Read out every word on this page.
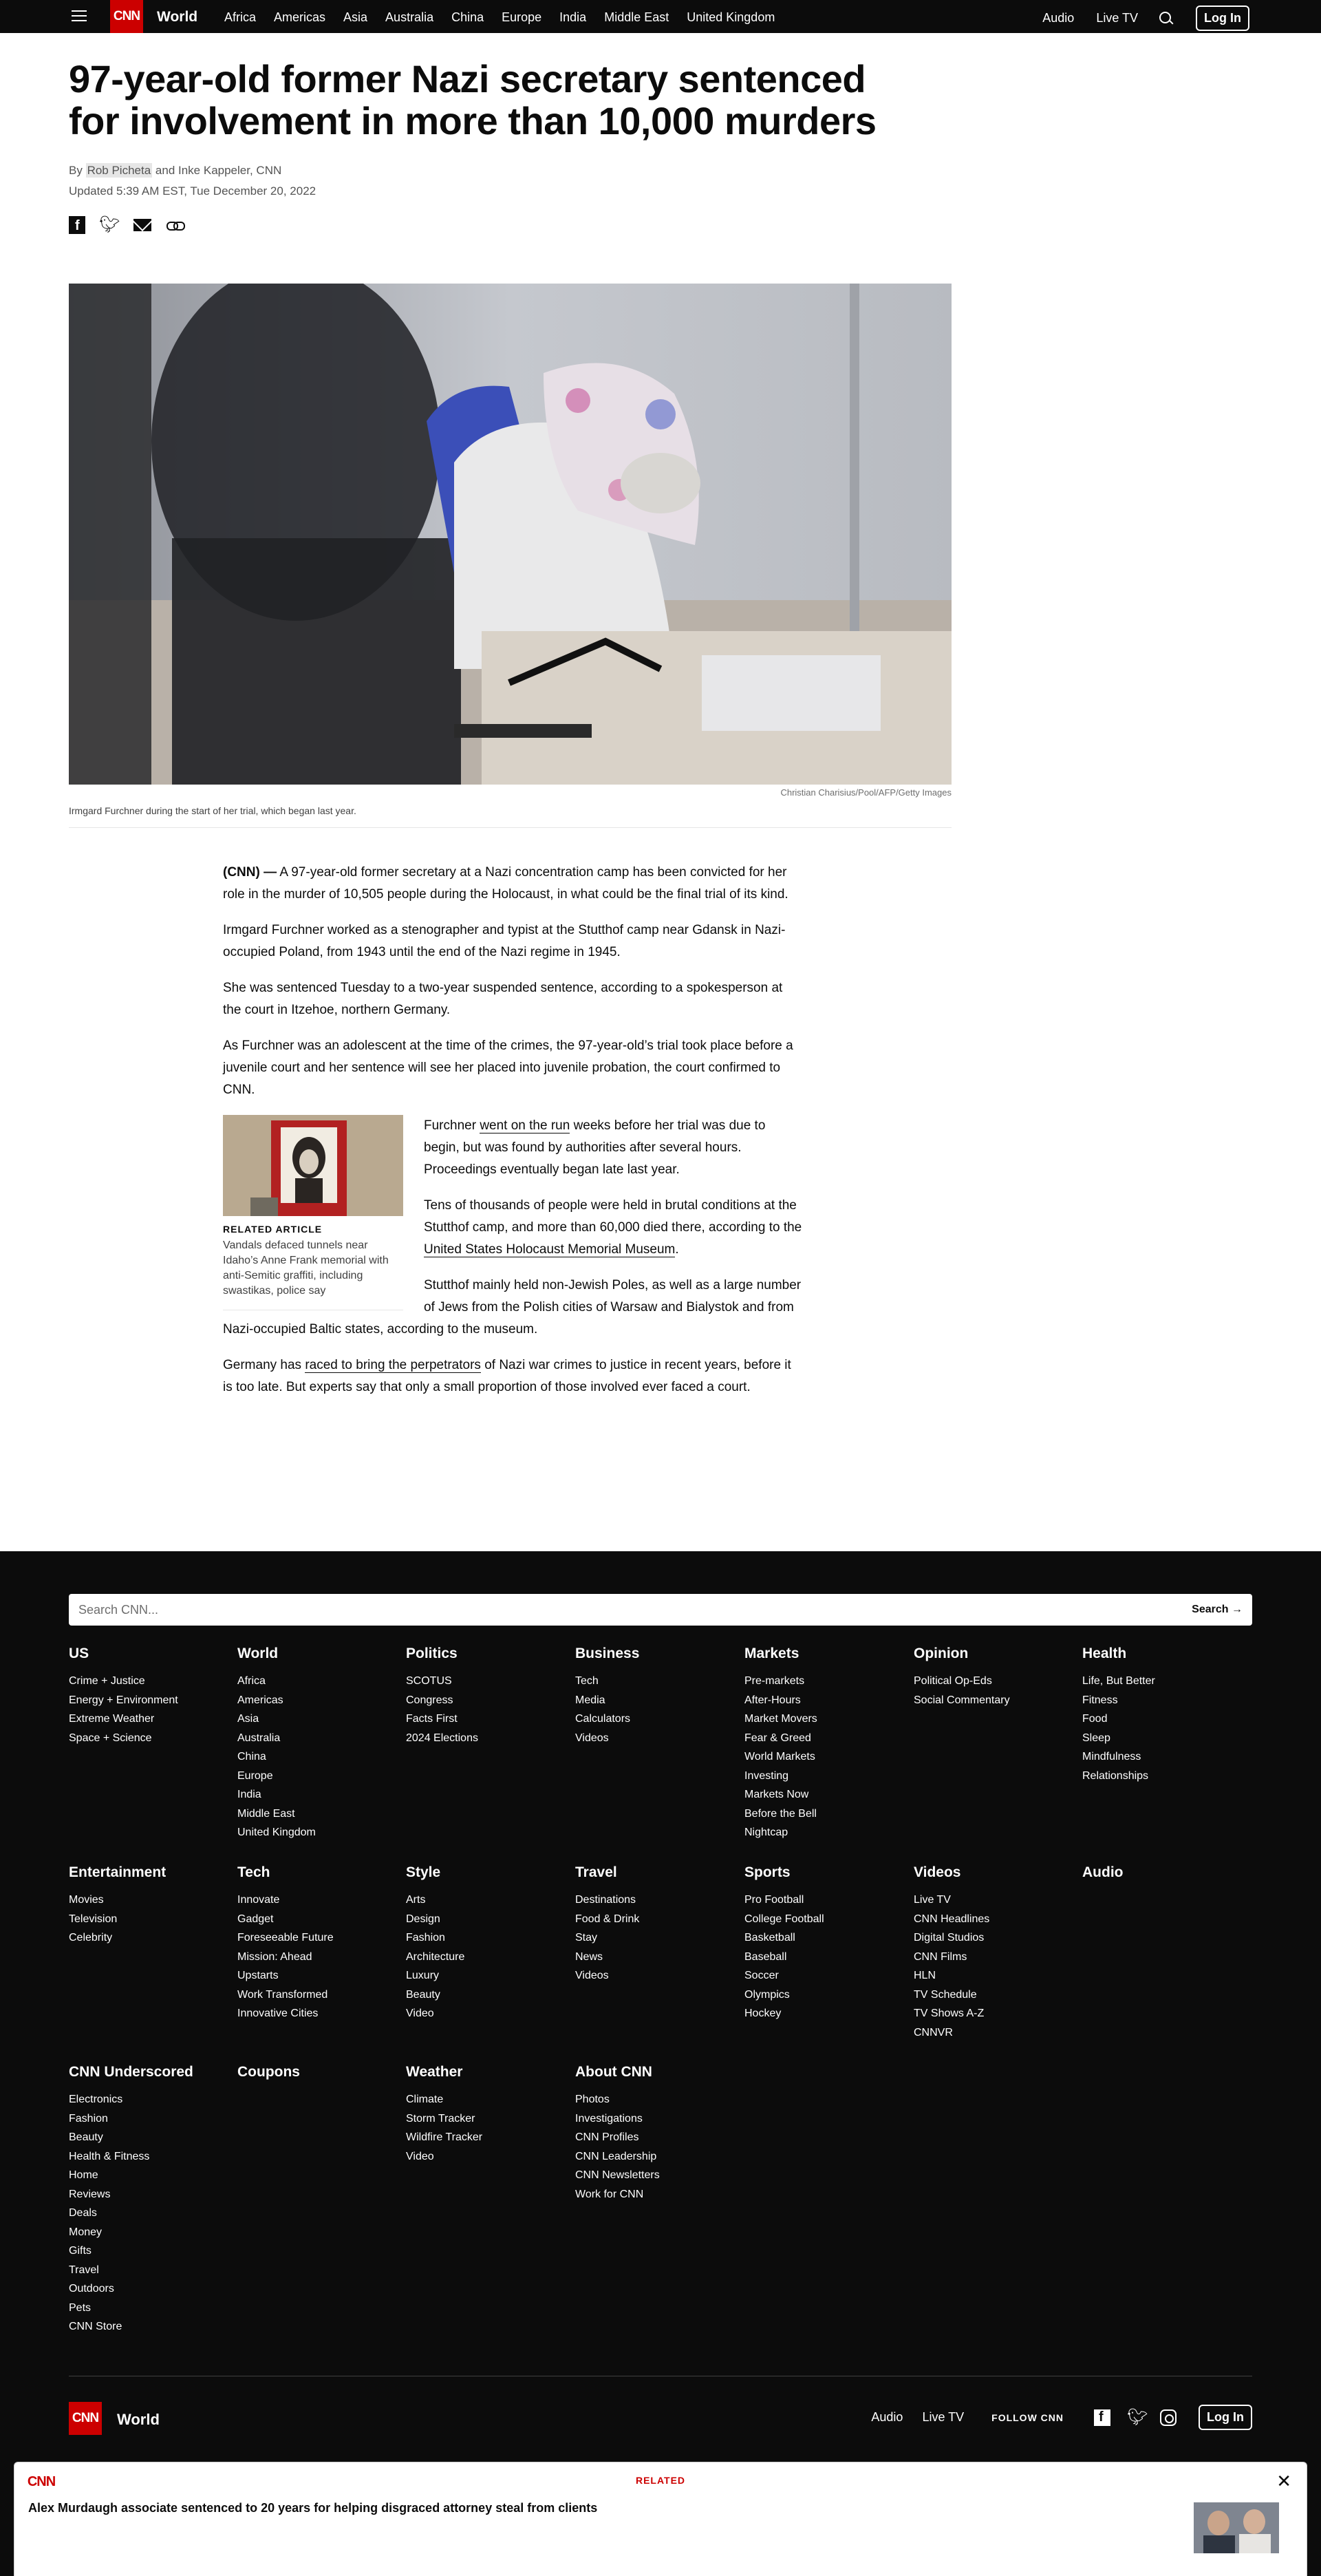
CNN World Africa Americas Asia Australia China Europe India Middle East United Kingdom	Audio Live TV	Log In
97-year-old former Nazi secretary sentenced for involvement in more than 10,000 murders
By Rob Picheta and Inke Kappeler, CNN
Updated 5:39 AM EST, Tue December 20, 2022
f
🐦︎
Christian Charisius/Pool/AFP/Getty Images
Irmgard Furchner during the start of her trial, which began last year.

(CNN) — A 97-year-old former secretary at a Nazi concentration camp has been convicted for her role in the murder of 10,505 people during the Holocaust, in what could be the final trial of its kind.

Irmgard Furchner worked as a stenographer and typist at the Stutthof camp near Gdansk in Nazi-occupied Poland, from 1943 until the end of the Nazi regime in 1945.

She was sentenced Tuesday to a two-year suspended sentence, according to a spokesperson at the court in Itzehoe, northern Germany.

As Furchner was an adolescent at the time of the crimes, the 97-year-old’s trial took place before a juvenile court and her sentence will see her placed into juvenile probation, the court confirmed to CNN.

RELATED ARTICLE
Vandals defaced tunnels near Idaho’s Anne Frank memorial with anti-Semitic graffiti, including swastikas, police say

Furchner went on the run weeks before her trial was due to begin, but was found by authorities after several hours. Proceedings eventually began late last year.

Tens of thousands of people were held in brutal conditions at the Stutthof camp, and more than 60,000 died there, according to the United States Holocaust Memorial Museum.

Stutthof mainly held non-Jewish Poles, as well as a large number of Jews from the Polish cities of Warsaw and Bialystok and from Nazi-occupied Baltic states, according to the museum.

Germany has raced to bring the perpetrators of Nazi war crimes to justice in recent years, before it is too late. But experts say that only a small proportion of those involved ever faced a court.

Search CNN...	Search →
US
Crime + Justice
Energy + Environment
Extreme Weather
Space + Science
World
Africa
Americas
Asia
Australia
China
Europe
India
Middle East
United Kingdom
Politics
SCOTUS
Congress
Facts First
2024 Elections
Business
Tech
Media
Calculators
Videos
Markets
Pre-markets
After-Hours
Market Movers
Fear & Greed
World Markets
Investing
Markets Now
Before the Bell
Nightcap
Opinion
Political Op-Eds
Social Commentary
Health
Life, But Better
Fitness
Food
Sleep
Mindfulness
Relationships
Entertainment
Movies
Television
Celebrity
Tech
Innovate
Gadget
Foreseeable Future
Mission: Ahead
Upstarts
Work Transformed
Innovative Cities
Style
Arts
Design
Fashion
Architecture
Luxury
Beauty
Video
Travel
Destinations
Food & Drink
Stay
News
Videos
Sports
Pro Football
College Football
Basketball
Baseball
Soccer
Olympics
Hockey
Videos
Live TV
CNN Headlines
Digital Studios
CNN Films
HLN
TV Schedule
TV Shows A-Z
CNNVR
Audio
CNN Underscored
Electronics
Fashion
Beauty
Health & Fitness
Home
Reviews
Deals
Money
Gifts
Travel
Outdoors
Pets
CNN Store
Coupons	Weather
Climate
Storm Tracker
Wildfire Tracker
Video
About CNN
Photos
Investigations
CNN Profiles
CNN Leadership
CNN Newsletters
Work for CNN
CNN World	Audio Live TV	FOLLOW CNN
f	🐦︎	Log In
CNN	RELATED	✕
Alex Murdaugh associate sentenced to 20 years for helping disgraced attorney steal from clients
